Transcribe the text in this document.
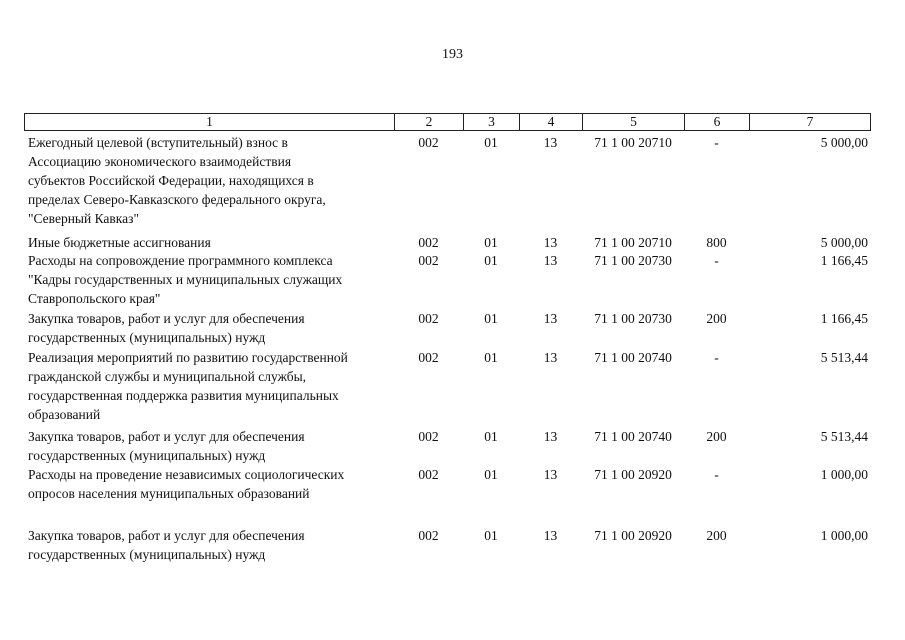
193
1	2	3	4	5	6	7
Ежегодный целевой (вступительный) взнос в
Ассоциацию экономического взаимодействия
субъектов Российской Федерации, находящихся в
пределах Северо-Кавказского федерального округа,
"Северный Кавказ"
002	01	13	71 1 00 20710	-	5 000,00
Иные бюджетные ассигнования	002	01	13	71 1 00 20710	800	5 000,00
Расходы на сопровождение программного комплекса
"Кадры государственных и муниципальных служащих
Ставропольского края"
002	01	13	71 1 00 20730	-	1 166,45
Закупка товаров, работ и услуг для обеспечения
государственных (муниципальных) нужд
002	01	13	71 1 00 20730	200	1 166,45
Реализация мероприятий по развитию государственной
гражданской службы и муниципальной службы,
государственная поддержка развития муниципальных
образований
002	01	13	71 1 00 20740	-	5 513,44
Закупка товаров, работ и услуг для обеспечения
государственных (муниципальных) нужд
002	01	13	71 1 00 20740	200	5 513,44
Расходы на проведение независимых социологических
опросов населения муниципальных образований
002	01	13	71 1 00 20920	-	1 000,00
Закупка товаров, работ и услуг для обеспечения
государственных (муниципальных) нужд
002	01	13	71 1 00 20920	200	1 000,00
